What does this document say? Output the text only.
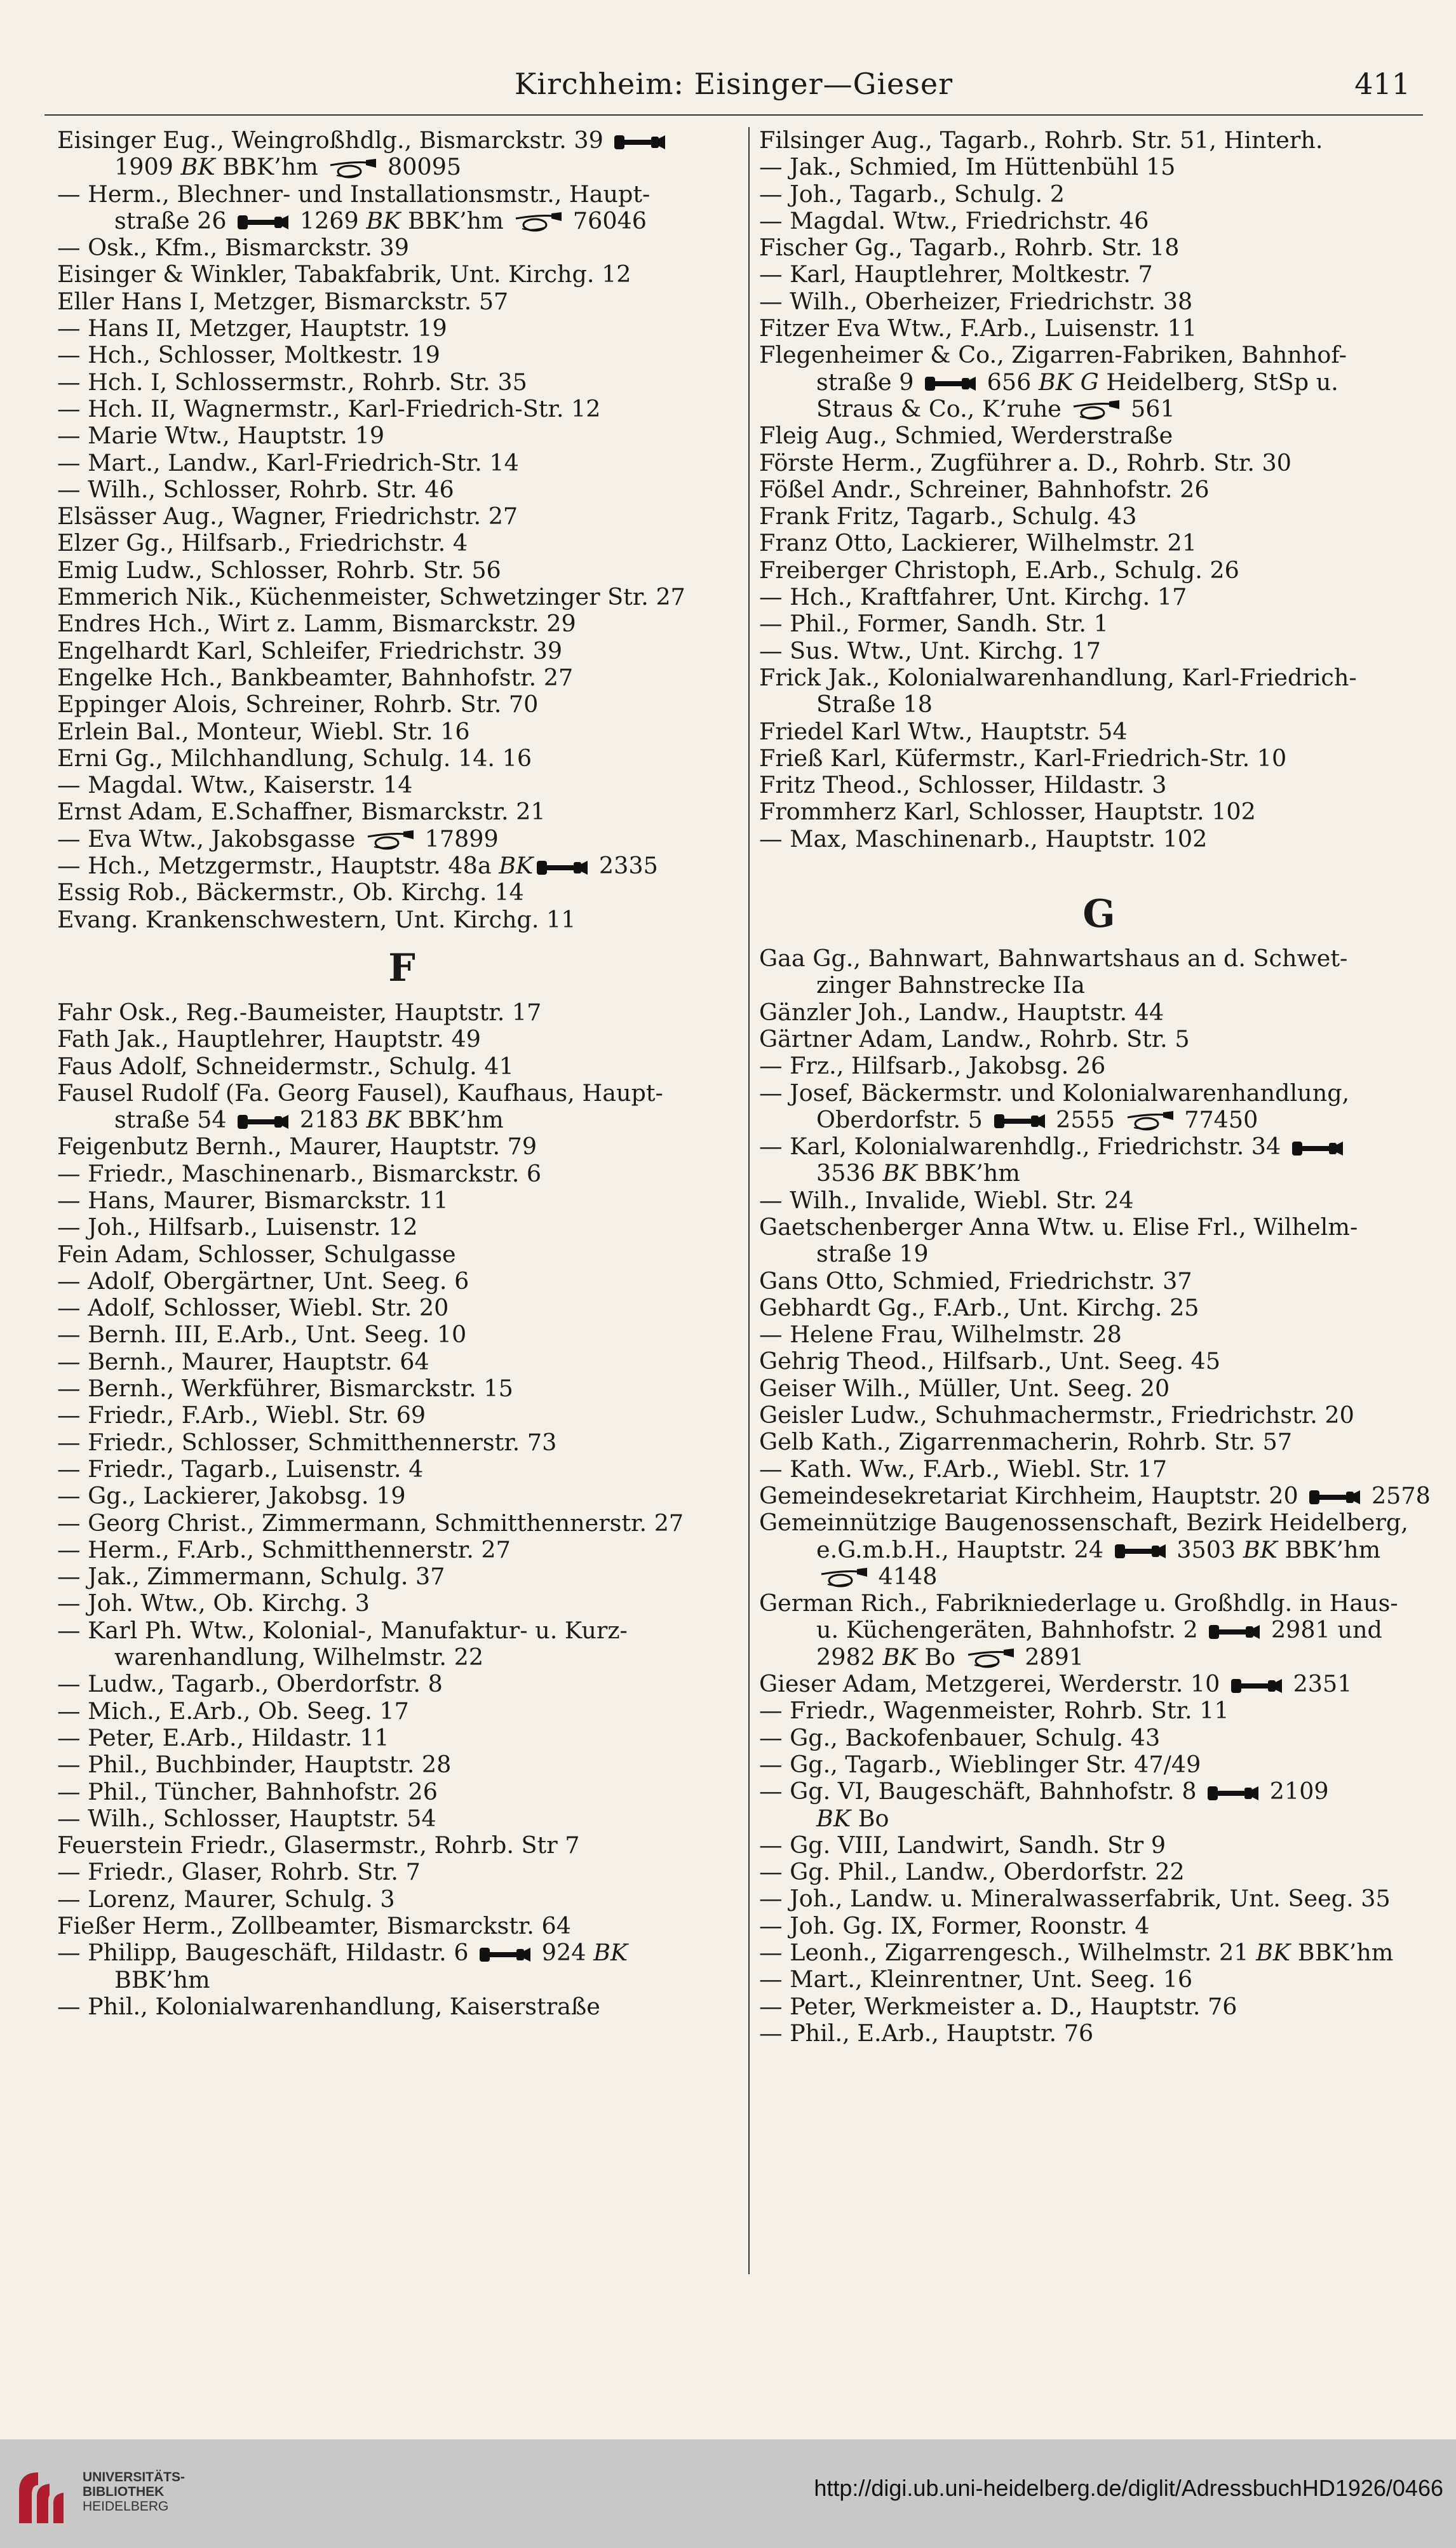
Kirchheim: Eisinger—Gieser	411
Eisinger Eug., Weingroßhdlg., Bismarckstr. 39
1909 BK BBK’hm  80095
— Herm., Blechner- und Installationsmstr., Haupt-
straße 26	1269 BK BBK’hm  76046
— Osk., Kfm., Bismarckstr. 39
Eisinger & Winkler, Tabakfabrik, Unt. Kirchg. 12
Eller Hans I, Metzger, Bismarckstr. 57
— Hans II, Metzger, Hauptstr. 19
— Hch., Schlosser, Moltkestr. 19
— Hch. I, Schlossermstr., Rohrb. Str. 35
— Hch. II, Wagnermstr., Karl-Friedrich-Str. 12
— Marie Wtw., Hauptstr. 19
— Mart., Landw., Karl-Friedrich-Str. 14
— Wilh., Schlosser, Rohrb. Str. 46
Elsässer Aug., Wagner, Friedrichstr. 27
Elzer Gg., Hilfsarb., Friedrichstr. 4
Emig Ludw., Schlosser, Rohrb. Str. 56
Emmerich Nik., Küchenmeister, Schwetzinger Str. 27
Endres Hch., Wirt z. Lamm, Bismarckstr. 29
Engelhardt Karl, Schleifer, Friedrichstr. 39
Engelke Hch., Bankbeamter, Bahnhofstr. 27
Eppinger Alois, Schreiner, Rohrb. Str. 70
Erlein Bal., Monteur, Wiebl. Str. 16
Erni Gg., Milchhandlung, Schulg. 14. 16
— Magdal. Wtw., Kaiserstr. 14
Ernst Adam, E.Schaffner, Bismarckstr. 21
— Eva Wtw., Jakobsgasse  17899
— Hch., Metzgermstr., Hauptstr. 48a BK	2335
Essig Rob., Bäckermstr., Ob. Kirchg. 14
Evang. Krankenschwestern, Unt. Kirchg. 11
F
Fahr Osk., Reg.-Baumeister, Hauptstr. 17
Fath Jak., Hauptlehrer, Hauptstr. 49
Faus Adolf, Schneidermstr., Schulg. 41
Fausel Rudolf (Fa. Georg Fausel), Kaufhaus, Haupt-
straße 54	2183 BK BBK’hm
Feigenbutz Bernh., Maurer, Hauptstr. 79
— Friedr., Maschinenarb., Bismarckstr. 6
— Hans, Maurer, Bismarckstr. 11
— Joh., Hilfsarb., Luisenstr. 12
Fein Adam, Schlosser, Schulgasse
— Adolf, Obergärtner, Unt. Seeg. 6
— Adolf, Schlosser, Wiebl. Str. 20
— Bernh. III, E.Arb., Unt. Seeg. 10
— Bernh., Maurer, Hauptstr. 64
— Bernh., Werkführer, Bismarckstr. 15
— Friedr., F.Arb., Wiebl. Str. 69
— Friedr., Schlosser, Schmitthennerstr. 73
— Friedr., Tagarb., Luisenstr. 4
— Gg., Lackierer, Jakobsg. 19
— Georg Christ., Zimmermann, Schmitthennerstr. 27
— Herm., F.Arb., Schmitthennerstr. 27
— Jak., Zimmermann, Schulg. 37
— Joh. Wtw., Ob. Kirchg. 3
— Karl Ph. Wtw., Kolonial-, Manufaktur- u. Kurz-
warenhandlung, Wilhelmstr. 22
— Ludw., Tagarb., Oberdorfstr. 8
— Mich., E.Arb., Ob. Seeg. 17
— Peter, E.Arb., Hildastr. 11
— Phil., Buchbinder, Hauptstr. 28
— Phil., Tüncher, Bahnhofstr. 26
— Wilh., Schlosser, Hauptstr. 54
Feuerstein Friedr., Glasermstr., Rohrb. Str 7
— Friedr., Glaser, Rohrb. Str. 7
— Lorenz, Maurer, Schulg. 3
Fießer Herm., Zollbeamter, Bismarckstr. 64
— Philipp, Baugeschäft, Hildastr. 6	924 BK
BBK’hm
— Phil., Kolonialwarenhandlung, Kaiserstraße
Filsinger Aug., Tagarb., Rohrb. Str. 51, Hinterh.
— Jak., Schmied, Im Hüttenbühl 15
— Joh., Tagarb., Schulg. 2
— Magdal. Wtw., Friedrichstr. 46
Fischer Gg., Tagarb., Rohrb. Str. 18
— Karl, Hauptlehrer, Moltkestr. 7
— Wilh., Oberheizer, Friedrichstr. 38
Fitzer Eva Wtw., F.Arb., Luisenstr. 11
Flegenheimer & Co., Zigarren-Fabriken, Bahnhof-
straße 9	656 BK G Heidelberg, StSp u.
Straus & Co., K’ruhe  561
Fleig Aug., Schmied, Werderstraße
Förste Herm., Zugführer a. D., Rohrb. Str. 30
Fößel Andr., Schreiner, Bahnhofstr. 26
Frank Fritz, Tagarb., Schulg. 43
Franz Otto, Lackierer, Wilhelmstr. 21
Freiberger Christoph, E.Arb., Schulg. 26
— Hch., Kraftfahrer, Unt. Kirchg. 17
— Phil., Former, Sandh. Str. 1
— Sus. Wtw., Unt. Kirchg. 17
Frick Jak., Kolonialwarenhandlung, Karl-Friedrich-
Straße 18
Friedel Karl Wtw., Hauptstr. 54
Frieß Karl, Küfermstr., Karl-Friedrich-Str. 10
Fritz Theod., Schlosser, Hildastr. 3
Frommherz Karl, Schlosser, Hauptstr. 102
— Max, Maschinenarb., Hauptstr. 102
G
Gaa Gg., Bahnwart, Bahnwartshaus an d. Schwet-
zinger Bahnstrecke IIa
Gänzler Joh., Landw., Hauptstr. 44
Gärtner Adam, Landw., Rohrb. Str. 5
— Frz., Hilfsarb., Jakobsg. 26
— Josef, Bäckermstr. und Kolonialwarenhandlung,
Oberdorfstr. 5	2555  77450
— Karl, Kolonialwarenhdlg., Friedrichstr. 34
3536 BK BBK’hm
— Wilh., Invalide, Wiebl. Str. 24
Gaetschenberger Anna Wtw. u. Elise Frl., Wilhelm-
straße 19
Gans Otto, Schmied, Friedrichstr. 37
Gebhardt Gg., F.Arb., Unt. Kirchg. 25
— Helene Frau, Wilhelmstr. 28
Gehrig Theod., Hilfsarb., Unt. Seeg. 45
Geiser Wilh., Müller, Unt. Seeg. 20
Geisler Ludw., Schuhmachermstr., Friedrichstr. 20
Gelb Kath., Zigarrenmacherin, Rohrb. Str. 57
— Kath. Ww., F.Arb., Wiebl. Str. 17
Gemeindesekretariat Kirchheim, Hauptstr. 20	2578
Gemeinnützige Baugenossenschaft, Bezirk Heidelberg,
e.G.m.b.H., Hauptstr. 24	3503 BK BBK’hm
4148
German Rich., Fabrikniederlage u. Großhdlg. in Haus-
u. Küchengeräten, Bahnhofstr. 2	2981 und
2982 BK Bo  2891
Gieser Adam, Metzgerei, Werderstr. 10	2351
— Friedr., Wagenmeister, Rohrb. Str. 11
— Gg., Backofenbauer, Schulg. 43
— Gg., Tagarb., Wieblinger Str. 47/49
— Gg. VI, Baugeschäft, Bahnhofstr. 8	2109
BK Bo
— Gg. VIII, Landwirt, Sandh. Str 9
— Gg. Phil., Landw., Oberdorfstr. 22
— Joh., Landw. u. Mineralwasserfabrik, Unt. Seeg. 35
— Joh. Gg. IX, Former, Roonstr. 4
— Leonh., Zigarrengesch., Wilhelmstr. 21 BK BBK’hm
— Mart., Kleinrentner, Unt. Seeg. 16
— Peter, Werkmeister a. D., Hauptstr. 76
— Phil., E.Arb., Hauptstr. 76
UNIVERSITÄTS-
BIBLIOTHEK
HEIDELBERG
http://digi.ub.uni-heidelberg.de/diglit/AdressbuchHD1926/0466
